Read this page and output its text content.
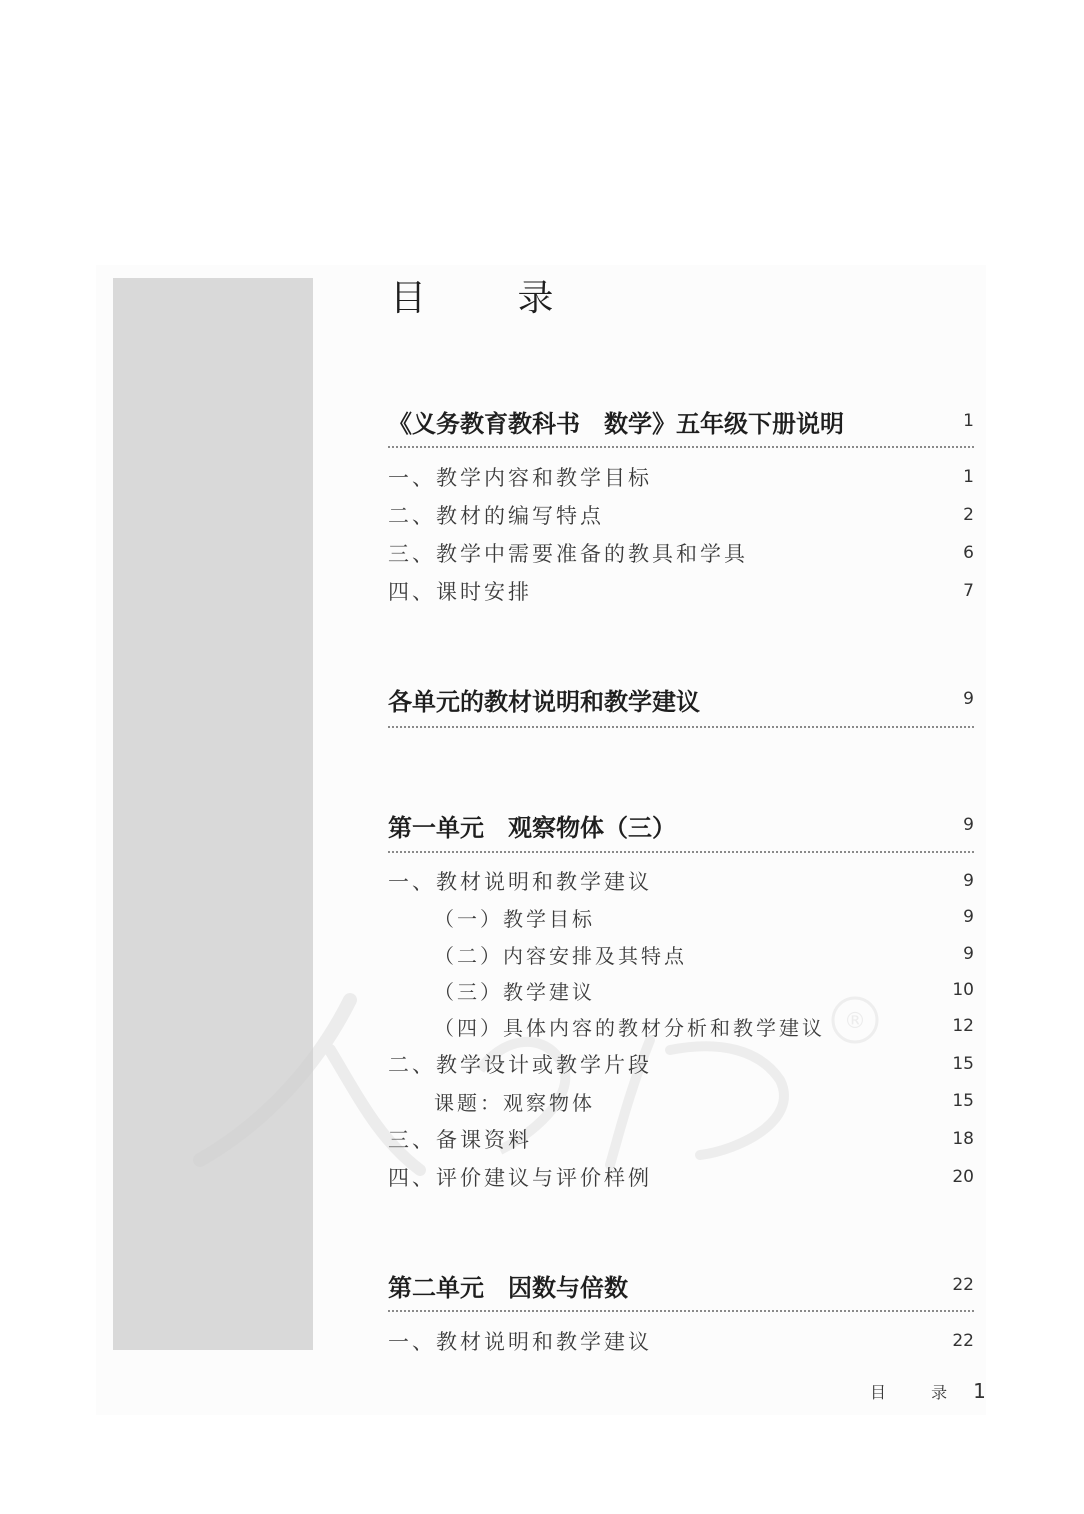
®
目 录
《义务教育教科书　数学》五年级下册说明	1
一、教学内容和教学目标	1
二、教材的编写特点	2
三、教学中需要准备的教具和学具	6
四、课时安排	7
各单元的教材说明和教学建议	9
第一单元　观察物体（三）	9
一、教材说明和教学建议	9
（一）教学目标	9
（二）内容安排及其特点	9
（三）教学建议	10
（四）具体内容的教材分析和教学建议	12
二、教学设计或教学片段	15
课题：观察物体	15
三、备课资料	18
四、评价建议与评价样例	20
第二单元　因数与倍数	22
一、教材说明和教学建议	22
目 录 1
